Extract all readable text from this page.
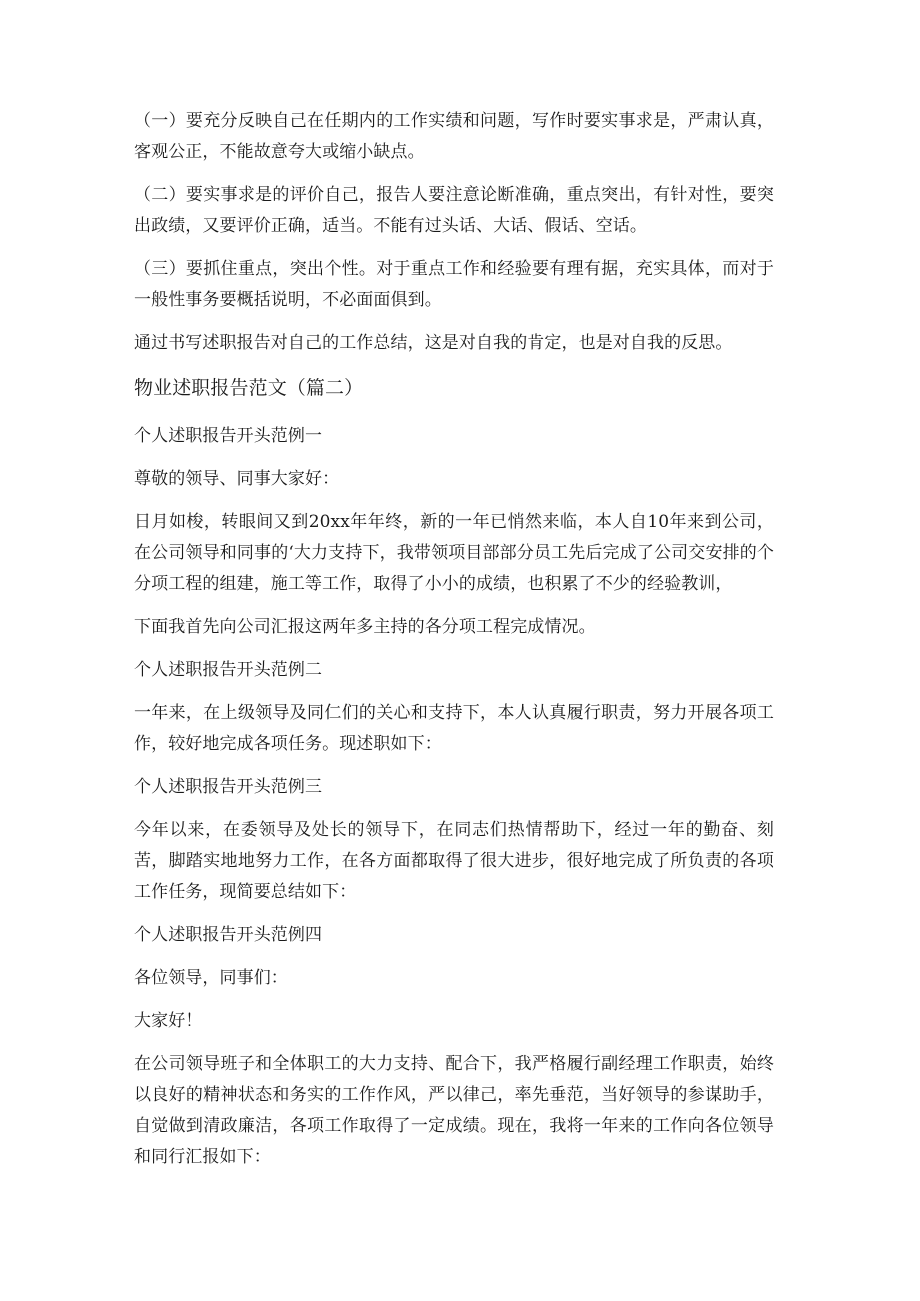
（一）要充分反映自己在任期内的工作实绩和问题，写作时要实事求是，严肃认真，客观公正，不能故意夸大或缩小缺点。

（二）要实事求是的评价自己，报告人要注意论断准确，重点突出，有针对性，要突出政绩，又要评价正确，适当。不能有过头话、大话、假话、空话。

（三）要抓住重点，突出个性。对于重点工作和经验要有理有据，充实具体，而对于一般性事务要概括说明，不必面面俱到。

通过书写述职报告对自己的工作总结，这是对自我的肯定，也是对自我的反思。

物业述职报告范文（篇二）

个人述职报告开头范例一

尊敬的领导、同事大家好：

日月如梭，转眼间又到20xx年年终，新的一年已悄然来临，本人自10年来到公司，在公司领导和同事的‘大力支持下，我带领项目部部分员工先后完成了公司交安排的个分项工程的组建，施工等工作，取得了小小的成绩，也积累了不少的经验教训，

下面我首先向公司汇报这两年多主持的各分项工程完成情况。

个人述职报告开头范例二

一年来，在上级领导及同仁们的关心和支持下，本人认真履行职责，努力开展各项工作，较好地完成各项任务。现述职如下：

个人述职报告开头范例三

今年以来，在委领导及处长的领导下，在同志们热情帮助下，经过一年的勤奋、刻苦，脚踏实地地努力工作，在各方面都取得了很大进步，很好地完成了所负责的各项工作任务，现简要总结如下：

个人述职报告开头范例四

各位领导，同事们：

大家好！

在公司领导班子和全体职工的大力支持、配合下，我严格履行副经理工作职责，始终以良好的精神状态和务实的工作作风，严以律己，率先垂范，当好领导的参谋助手，自觉做到清政廉洁，各项工作取得了一定成绩。现在，我将一年来的工作向各位领导和同行汇报如下：
